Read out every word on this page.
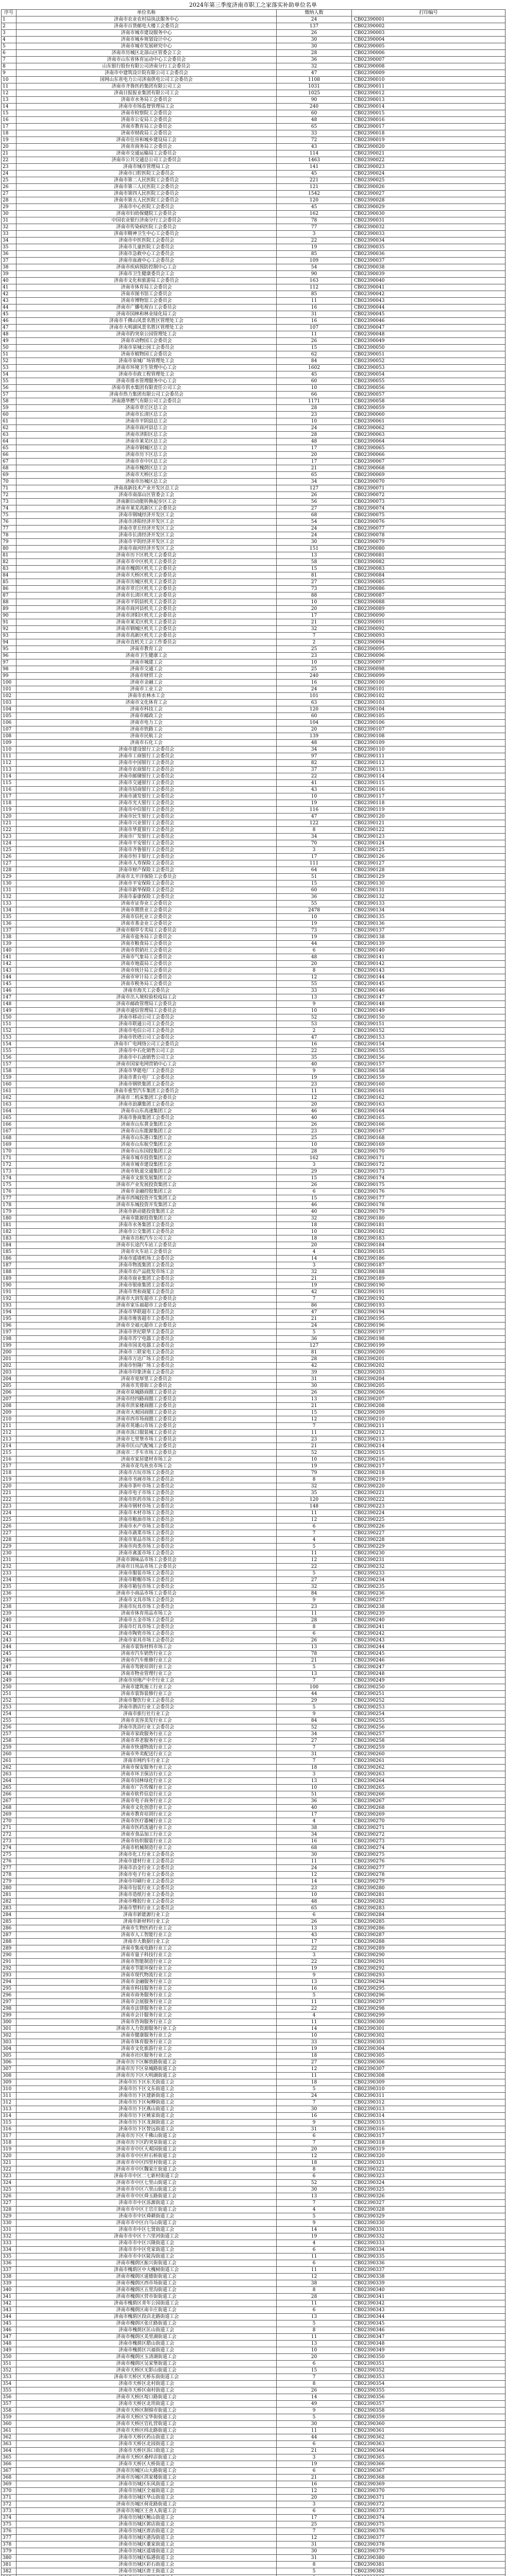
2024年第三季度济南市职工之家落实补助单位名单
序号	单位名称	缴纳人数	打印编号
1	济南市农业农村局执法服务中心	24	CB02390001
2	济南市百货邮电大楼工会委员会	137	CB02390002
3	济南市城市建设服务中心	26	CB02390003
4	济南市城乡规划设计中心	30	CB02390004
5	济南市城市发展研究中心	30	CB02390005
6	济南市历城区北部山区管委会工会	28	CB02390006
7	济南市山东省体育运动中心工会委员会	36	CB02390007
8	山东银行股份有限公司济南分行工会委员会	32	CB02390008
9	济南市中建筑设计院有限公司工会委员会	47	CB02390009
10	国网山东省电力公司济南供电公司工会委员会	1108	CB02390010
11	济南市齐鲁医药集团有限公司工会	1031	CB02390011
12	济南日报报业集团有限公司工会	1025	CB02390012
13	济南市水务局工会委员会	90	CB02390013
14	济南市市场监督管理局工会	240	CB02390014
15	济南市检察院工会委员会	60	CB02390015
16	济南市公安局工会委员会	48	CB02390016
17	济南市教育局工会委员会	65	CB02390017
18	济南市财政局工会委员会	33	CB02390018
19	济南市住房和城乡建设局工会	72	CB02390019
20	济南市商务局工会委员会	43	CB02390020
21	济南市交通运输局工会委员会	114	CB02390021
22	济南市公共交通总公司工会委员会	1463	CB02390022
23	济南市城市管理局工会	141	CB02390023
24	济南市口腔医院工会委员会	45	CB02390024
25	济南市第二人民医院工会委员会	221	CB02390025
26	济南市第三人民医院工会委员会	121	CB02390026
27	济南市第四人民医院工会委员会	1542	CB02390027
28	济南市第五人民医院工会委员会	120	CB02390028
29	济南市中心医院工会委员会	45	CB02390029
30	济南市妇幼保健院工会委员会	162	CB02390030
31	中国农业银行济南分行工会委员会	78	CB02390031
32	济南市传染病医院工会委员会	77	CB02390032
33	济南市精神卫生中心工会委员会	3	CB02390033
34	济南市中医医院工会委员会	22	CB02390034
35	济南市儿童医院工会委员会	19	CB02390035
36	济南市急救中心工会委员会	85	CB02390036
37	济南市血液中心工会委员会	109	CB02390037
38	济南市疾病预防控制中心工会	54	CB02390038
39	济南市卫生健康委员会工会	90	CB02390039
40	济南市文化和旅游局工会委员会	163	CB02390040
41	济南市体育局工会委员会	112	CB02390041
42	济南市图书馆工会委员会	85	CB02390042
43	济南市博物馆工会委员会	11	CB02390043
44	济南市广播电视台工会委员会	16	CB02390044
45	济南市园林和林业绿化局工会	31	CB02390045
46	济南市千佛山风景名胜区管理处工会	16	CB02390046
47	济南市大明湖风景名胜区管理处工会	107	CB02390047
48	济南市趵突泉公园管理处工会	11	CB02390048
49	济南市动物园工会委员会	26	CB02390049
50	济南市泉城公园工会委员会	15	CB02390050
51	济南市植物园工会委员会	62	CB02390051
52	济南市泉城广场管理处工会	84	CB02390052
53	济南市环境卫生管理中心工会	1602	CB02390053
54	济南市市政工程管理处工会	45	CB02390054
55	济南市排水管理服务中心工会	60	CB02390055
56	济南市供水集团有限责任公司工会	10	CB02390056
57	济南市热力集团有限公司工会委员会	66	CB02390057
58	济南港华燃气有限公司工会委员会	1171	CB02390058
59	济南市章丘区总工会	28	CB02390059
60	济南市长清区总工会	23	CB02390060
61	济南市平阴县总工会	10	CB02390061
62	济南市商河县总工会	24	CB02390062
63	济南市济阳区总工会	28	CB02390063
64	济南市莱芜区总工会	48	CB02390064
65	济南市钢城区总工会	17	CB02390065
66	济南市历下区总工会	20	CB02390066
67	济南市市中区总工会	17	CB02390067
68	济南市槐荫区总工会	21	CB02390068
69	济南市天桥区总工会	65	CB02390069
70	济南市历城区总工会	34	CB02390070
71	济南高新技术产业开发区总工会	127	CB02390071
72	济南市南部山区管委会工会	26	CB02390072
73	济南新旧动能转换起步区工会	56	CB02390073
74	济南市莱芜高新区工会委员会	27	CB02390074
75	济南市钢城经济开发区工会	68	CB02390075
76	济南市济阳经济开发区工会	54	CB02390076
77	济南市章丘经济开发区工会	24	CB02390077
78	济南市长清经济开发区工会	24	CB02390078
79	济南市平阴经济开发区工会	30	CB02390079
80	济南市商河经济开发区工会	151	CB02390080
81	济南市历下区机关工会委员会	13	CB02390081
82	济南市市中区机关工会委员会	58	CB02390082
83	济南市槐荫区机关工会委员会	15	CB02390083
84	济南市天桥区机关工会委员会	81	CB02390084
85	济南市历城区机关工会委员会	27	CB02390085
86	济南市章丘区机关工会委员会	73	CB02390086
87	济南市长清区机关工会委员会	88	CB02390087
88	济南市平阴县机关工会委员会	10	CB02390088
89	济南市商河县机关工会委员会	20	CB02390089
90	济南市济阳区机关工会委员会	17	CB02390090
91	济南市莱芜区机关工会委员会	21	CB02390091
92	济南市钢城区机关工会委员会	32	CB02390092
93	济南市高新区机关工会委员会	7	CB02390093
94	济南市直机关工会工作委员会	2	CB02390094
95	济南市教育工会	25	CB02390095
96	济南市卫生健康工会	23	CB02390096
97	济南市城建工会	10	CB02390097
98	济南市交通工会	25	CB02390098
99	济南市财贸工会	240	CB02390099
100	济南市金融工会	16	CB02390100
101	济南市工业工会	24	CB02390101
102	济南市农林水工会	101	CB02390102
103	济南市文化体育工会	63	CB02390103
104	济南市科技工会	120	CB02390104
105	济南市邮政工会	60	CB02390105
106	济南市电力工会	104	CB02390106
107	济南市铁路工会	20	CB02390107
108	济南市民航工会	139	CB02390108
109	济南市石化工会	48	CB02390109
110	济南市建设银行工会委员会	34	CB02390110
111	济南市工商银行工会委员会	97	CB02390111
112	济南市中国银行工会委员会	82	CB02390112
113	济南市农商银行工会委员会	37	CB02390113
114	济南市邮储银行工会委员会	22	CB02390114
115	济南市交通银行工会委员会	41	CB02390115
116	济南市招商银行工会委员会	43	CB02390116
117	济南市浦发银行工会委员会	10	CB02390117
118	济南市光大银行工会委员会	19	CB02390118
119	济南市中信银行工会委员会	116	CB02390119
120	济南市民生银行工会委员会	47	CB02390120
121	济南市兴业银行工会委员会	122	CB02390121
122	济南市华夏银行工会委员会	8	CB02390122
123	济南市广发银行工会委员会	34	CB02390123
124	济南市平安银行工会委员会	70	CB02390124
125	济南市齐鲁银行工会委员会	3	CB02390125
126	济南市恒丰银行工会委员会	17	CB02390126
127	济南市人寿保险工会委员会	111	CB02390127
128	济南市财产保险工会委员会	64	CB02390128
129	济南市太平洋保险工会委员会	51	CB02390129
130	济南市平安保险工会委员会	15	CB02390130
131	济南市新华保险工会委员会	60	CB02390131
132	济南市泰康保险工会委员会	36	CB02390132
133	济南市证券业工会委员会	55	CB02390133
134	济南市期货业工会委员会	2478	CB02390134
135	济南市信托业工会委员会	10	CB02390135
136	济南市基金业工会委员会	19	CB02390136
137	济南市烟草专卖局工会委员会	73	CB02390137
138	济南市盐务局工会委员会	19	CB02390138
139	济南市粮食局工会委员会	44	CB02390139
140	济南市供销社工会委员会	6	CB02390140
141	济南市气象局工会委员会	48	CB02390141
142	济南市地震局工会委员会	20	CB02390142
143	济南市统计局工会委员会	8	CB02390143
144	济南市审计局工会委员会	12	CB02390144
145	济南市税务局工会委员会	55	CB02390145
146	济南市海关工会委员会	33	CB02390146
147	济南市出入境检验检疫局工会	13	CB02390147
148	济南市邮政管理局工会委员会	9	CB02390148
149	济南市通信管理局工会委员会	10	CB02390149
150	济南市移动公司工会委员会	52	CB02390150
151	济南市联通公司工会委员会	53	CB02390151
152	济南市电信公司工会委员会	2	CB02390152
153	济南市铁塔公司工会委员会	47	CB02390153
154	济南市广电网络公司工会委员会	16	CB02390154
155	济南市中石化销售公司工会	22	CB02390155
156	济南市中石油销售公司工会	35	CB02390156
157	济南市国家电网营销中心工会	40	CB02390157
158	济南市华能电厂工会委员会	9	CB02390158
159	济南市黄台电厂工会委员会	19	CB02390159
160	济南市钢铁集团工会委员会	23	CB02390160
161	济南市重型汽车集团工会委员会	11	CB02390161
162	济南市二机床集团工会委员会	12	CB02390162
163	济南市浪潮集团工会委员会	20	CB02390163
164	济南市山东高速集团工会	46	CB02390164
165	济南市鲁商集团工会委员会	40	CB02390165
166	济南市山东黄金集团工会	26	CB02390166
167	济南市山东能源集团工会	23	CB02390167
168	济南市山东港口集团工会	25	CB02390168
169	济南市山东航空集团工会	10	CB02390169
170	济南市山东国投集团工会	28	CB02390170
171	济南市城市投资集团工会	162	CB02390171
172	济南市城市建设集团工会	3	CB02390172
173	济南市轨道交通集团工会	29	CB02390173
174	济南市文旅发展集团工会	15	CB02390174
175	济南市产业发展投资集团工会	26	CB02390175
176	济南市金融控股集团工会	6	CB02390176
177	济南市西城投资开发集团工会	15	CB02390177
178	济南市东城投资开发集团工会	46	CB02390178
179	济南市新动能投资集团工会	40	CB02390179
180	济南市能源投资集团工会	32	CB02390180
181	济南市水务集团工会委员会	18	CB02390181
182	济南市公交集团工会委员会	10	CB02390182
183	济南市出租汽车公司工会	18	CB02390183
184	济南市长途汽车站工会委员会	20	CB02390184
185	济南市火车站工会委员会	4	CB02390185
186	济南市遥墙机场工会委员会	14	CB02390186
187	济南市物流集团工会委员会	3	CB02390187
188	济南市农产品批发市场工会	32	CB02390188
189	济南市商业集团工会委员会	21	CB02390189
190	济南市银座集团工会委员会	19	CB02390190
191	济南市贵和商厦工会委员会	42	CB02390191
192	济南市大润发超市工会委员会	7	CB02390192
193	济南市家乐福超市工会委员会	86	CB02390193
194	济南市华联超市工会委员会	47	CB02390194
195	济南市维客超市工会委员会	21	CB02390195
196	济南市全福元超市工会委员会	24	CB02390196
197	济南市世纪联华工会委员会	5	CB02390197
198	济南市苏宁电器工会委员会	36	CB02390198
199	济南市国美电器工会委员会	127	CB02390199
200	济南市三联家电工会委员会	81	CB02390200
201	济南市万达广场工会委员会	28	CB02390201
202	济南市恒隆广场工会委员会	42	CB02390202
203	济南市印象济南工会委员会	39	CB02390203
204	济南市宽厚里工会委员会	31	CB02390204
205	济南市芙蓉街工会委员会	30	CB02390205
206	济南市泉城路商圈工会委员会	26	CB02390206
207	济南市经四路商圈工会委员会	13	CB02390207
208	济南市洪家楼商圈工会委员会	21	CB02390208
209	济南市大观园商圈工会委员会	15	CB02390209
210	济南市西市场商圈工会委员会	12	CB02390210
211	济南市英雄山市场工会委员会	7	CB02390211
212	济南市泺口服装城工会委员会	11	CB02390212
213	济南市七里堡市场工会委员会	23	CB02390213
214	济南市匡山汽配城工会委员会	21	CB02390214
215	济南市二手车市场工会委员会	52	CB02390215
216	济南市家居建材市场工会	10	CB02390216
217	济南市花鸟鱼虫市场工会	19	CB02390217
218	济南市古玩市场工会委员会	79	CB02390218
219	济南市书画市场工会委员会	8	CB02390219
220	济南市茶叶市场工会委员会	32	CB02390220
221	济南市电子市场工会委员会	35	CB02390221
222	济南市医药市场工会委员会	120	CB02390222
223	济南市钢材市场工会委员会	148	CB02390223
224	济南市木材市场工会委员会	11	CB02390224
225	济南市粮油市场工会委员会	12	CB02390225
226	济南市水产市场工会委员会	6	CB02390226
227	济南市蔬菜市场工会委员会	7	CB02390227
228	济南市果品市场工会委员会	4	CB02390228
229	济南市肉类市场工会委员会	5	CB02390229
230	济南市禽蛋市场工会委员会	11	CB02390230
231	济南市调味品市场工会委员会	12	CB02390231
232	济南市日用品市场工会委员会	22	CB02390232
233	济南市服装市场工会委员会	5	CB02390233
234	济南市鞋帽市场工会委员会	27	CB02390234
235	济南市箱包市场工会委员会	32	CB02390235
236	济南市小商品市场工会委员会	84	CB02390236
237	济南市文具市场工会委员会	9	CB02390237
238	济南市玩具市场工会委员会	23	CB02390238
239	济南市体育用品市场工会	11	CB02390239
240	济南市五金市场工会委员会	28	CB02390240
241	济南市灯具市场工会委员会	8	CB02390241
242	济南市陶瓷市场工会委员会	6	CB02390242
243	济南市家具市场工会委员会	26	CB02390243
244	济南市装饰材料市场工会	13	CB02390244
245	济南市汽车销售行业工会	78	CB02390245
246	济南市汽车维修行业工会	21	CB02390246
247	济南市驾驶培训行业工会	5	CB02390247
248	济南市物业管理行业工会	13	CB02390248
249	济南市房地产中介行业工会	7	CB02390249
250	济南市建筑施工行业工会	100	CB02390250
251	济南市装饰装修行业工会	44	CB02390251
252	济南市餐饮行业工会委员会	29	CB02390252
253	济南市酒店行业工会委员会	5	CB02390253
254	济南市旅行社行业工会	9	CB02390254
255	济南市美容美发行业工会	84	CB02390255
256	济南市洗浴行业工会委员会	52	CB02390256
257	济南市家政服务行业工会	34	CB02390257
258	济南市养老服务行业工会	27	CB02390258
259	济南市快递物流行业工会	7	CB02390259
260	济南市外卖配送行业工会	31	CB02390260
261	济南市网约车行业工会	7	CB02390261
262	济南市保安服务行业工会	18	CB02390262
263	济南市环卫保洁行业工会	3	CB02390263
264	济南市园林绿化行业工会	13	CB02390264
265	济南市广告传媒行业工会	10	CB02390265
266	济南市软件信息行业工会	51	CB02390266
267	济南市电子商务行业工会	36	CB02390267
268	济南市文化创意行业工会	40	CB02390268
269	济南市教育培训行业工会	17	CB02390269
270	济南市医疗器械行业工会	4	CB02390270
271	济南市医药流通行业工会	38	CB02390271
272	济南市食品加工行业工会	34	CB02390272
273	济南市纺织服装行业工会	16	CB02390273
274	济南市机械制造行业工会	68	CB02390274
275	济南市化工行业工会委员会	30	CB02390275
276	济南市建材行业工会委员会	11	CB02390276
277	济南市冶金行业工会委员会	24	CB02390277
278	济南市电子行业工会委员会	12	CB02390278
279	济南市印刷行业工会委员会	14	CB02390279
280	济南市包装行业工会委员会	23	CB02390280
281	济南市造纸行业工会委员会	10	CB02390281
282	济南市橡胶行业工会委员会	48	CB02390282
283	济南市塑料行业工会委员会	65	CB02390283
284	济南市新能源行业工会	6	CB02390284
285	济南市新材料行业工会	26	CB02390285
286	济南市生物医药行业工会	13	CB02390286
287	济南市人工智能行业工会	43	CB02390287
288	济南市大数据行业工会	17	CB02390288
289	济南市集成电路行业工会	22	CB02390289
290	济南市量子科技行业工会	3	CB02390290
291	济南市智能制造行业工会	22	CB02390291
292	济南市节能环保行业工会	19	CB02390292
293	济南市现代物流行业工会	9	CB02390293
294	济南市金融服务行业工会	13	CB02390294
295	济南市科技服务行业工会	16	CB02390295
296	济南市商务服务行业工会	5	CB02390296
297	济南市会展服务行业工会	11	CB02390297
298	济南市法律服务行业工会	22	CB02390298
299	济南市会计服务行业工会	4	CB02390299
300	济南市咨询服务行业工会	11	CB02390300
301	济南市人力资源服务行业工会	14	CB02390301
302	济南市健康服务行业工会	10	CB02390302
303	济南市体育服务行业工会	33	CB02390303
304	济南市文化旅游行业工会	19	CB02390304
305	济南市社区服务行业工会	18	CB02390305
306	济南市历下区解放路街道工会	27	CB02390306
307	济南市历下区泉城路街道工会	12	CB02390307
308	济南市历下区大明湖街道工会	11	CB02390308
309	济南市历下区东关街道工会	18	CB02390309
310	济南市历下区文东街道工会	5	CB02390310
311	济南市历下区建新街道工会	24	CB02390311
312	济南市历下区甸柳街道工会	7	CB02390312
313	济南市历下区燕山街道工会	30	CB02390313
314	济南市历下区姚家街道工会	16	CB02390314
315	济南市历下区龙洞街道工会	9	CB02390315
316	济南市历下区智远街道工会	31	CB02390316
317	济南市历下区千佛山街道工会	6	CB02390317
318	济南市历下区趵突泉街道工会	7	CB02390318
319	济南市市中区大观园街道工会	20	CB02390319
320	济南市市中区杆石桥街道工会	12	CB02390320
321	济南市市中区四里村街道工会	18	CB02390321
322	济南市市中区魏家庄街道工会	8	CB02390322
323	济南市市中区二七新村街道工会	6	CB02390323
324	济南市市中区七里山街道工会	52	CB02390324
325	济南市市中区六里山街道工会	30	CB02390325
326	济南市市中区舜玉路街道工会	13	CB02390326
327	济南市市中区泺源街道工会	7	CB02390327
328	济南市市中区王官庄街道工会	4	CB02390328
329	济南市市中区舜耕街道工会	5	CB02390329
330	济南市市中区白马山街道工会	9	CB02390330
331	济南市市中区七贤街道工会	14	CB02390331
332	济南市市中区十六里河街道工会	19	CB02390332
333	济南市市中区兴隆街道工会	4	CB02390333
334	济南市市中区党家街道工会	6	CB02390334
335	济南市市中区陡沟街道工会	11	CB02390335
336	济南市槐荫区振兴街街道工会	6	CB02390336
337	济南市槐荫区中大槐树街道工会	11	CB02390337
338	济南市槐荫区道德街街道工会	12	CB02390338
339	济南市槐荫区西市场街道工会	38	CB02390339
340	济南市槐荫区五里沟街道工会	8	CB02390340
341	济南市槐荫区营市街街道工会	28	CB02390341
342	济南市槐荫区青年公园街道工会	11	CB02390342
343	济南市槐荫区南辛庄街道工会	6	CB02390343
344	济南市槐荫区段店北路街道工会	13	CB02390344
345	济南市槐荫区张庄路街道工会	5	CB02390345
346	济南市槐荫区匡山街道工会	8	CB02390346
347	济南市槐荫区美里湖街道工会	11	CB02390347
348	济南市槐荫区腊山街道工会	13	CB02390348
349	济南市槐荫区兴福街道工会	10	CB02390349
350	济南市槐荫区玉清湖街道工会	20	CB02390350
351	济南市槐荫区吴家堡街道工会	6	CB02390351
352	济南市天桥区无影山街道工会	15	CB02390352
353	济南市天桥区天桥东街街道工会	7	CB02390353
354	济南市天桥区北村街道工会	8	CB02390354
355	济南市天桥区南村街道工会	26	CB02390355
356	济南市天桥区堤口路街道工会	14	CB02390356
357	济南市天桥区北坦街道工会	49	CB02390357
358	济南市天桥区制锦市街道工会	9	CB02390358
359	济南市天桥区宝华街街道工会	5	CB02390359
360	济南市天桥区官扎营街道工会	30	CB02390360
361	济南市天桥区纬北路街道工会	11	CB02390361
362	济南市天桥区药山街道工会	44	CB02390362
363	济南市天桥区北园街道工会	6	CB02390363
364	济南市天桥区泺口街道工会	21	CB02390364
365	济南市天桥区桑梓店街道工会	3	CB02390365
366	济南市天桥区大桥街道工会	19	CB02390366
367	济南市历城区山大路街道工会	6	CB02390367
368	济南市历城区洪家楼街道工会	21	CB02390368
369	济南市历城区东风街道工会	16	CB02390369
370	济南市历城区全福街道工会	12	CB02390370
371	济南市历城区华山街道工会	20	CB02390371
372	济南市历城区荷花路街道工会	3	CB02390372
373	济南市历城区王舍人街道工会	6	CB02390373
374	济南市历城区鲍山街道工会	17	CB02390374
375	济南市历城区郭店街道工会	25	CB02390375
376	济南市历城区唐冶街道工会	7	CB02390376
377	济南市历城区港沟街道工会	12	CB02390377
378	济南市历城区董家街道工会	31	CB02390378
379	济南市历城区遥墙街道工会	30	CB02390379
380	济南市历城区临港街道工会	31	CB02390380
381	济南市历城区彩石街道工会	8	CB02390381
382	济南市历城区唐王街道工会	5	CB02390382
